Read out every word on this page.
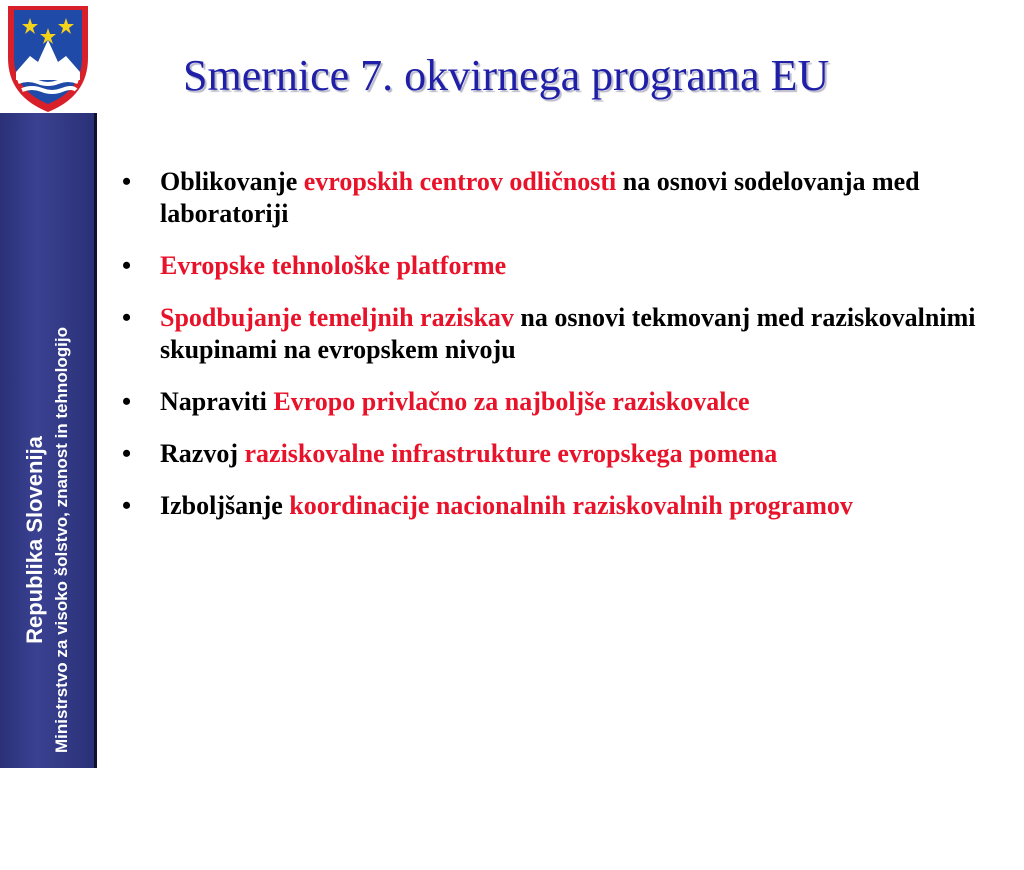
Republika Slovenija Ministrstvo za visoko šolstvo, znanost in tehnologijo
Smernice 7. okvirnega programa EU
• Oblikovanje evropskih centrov odličnosti na osnovi sodelovanja med laboratoriji
• Evropske tehnološke platforme
• Spodbujanje temeljnih raziskav na osnovi tekmovanj med raziskovalnimi skupinami na evropskem nivoju
• Napraviti Evropo privlačno za najboljše raziskovalce
• Razvoj raziskovalne infrastrukture evropskega pomena
• Izboljšanje koordinacije nacionalnih raziskovalnih programov
